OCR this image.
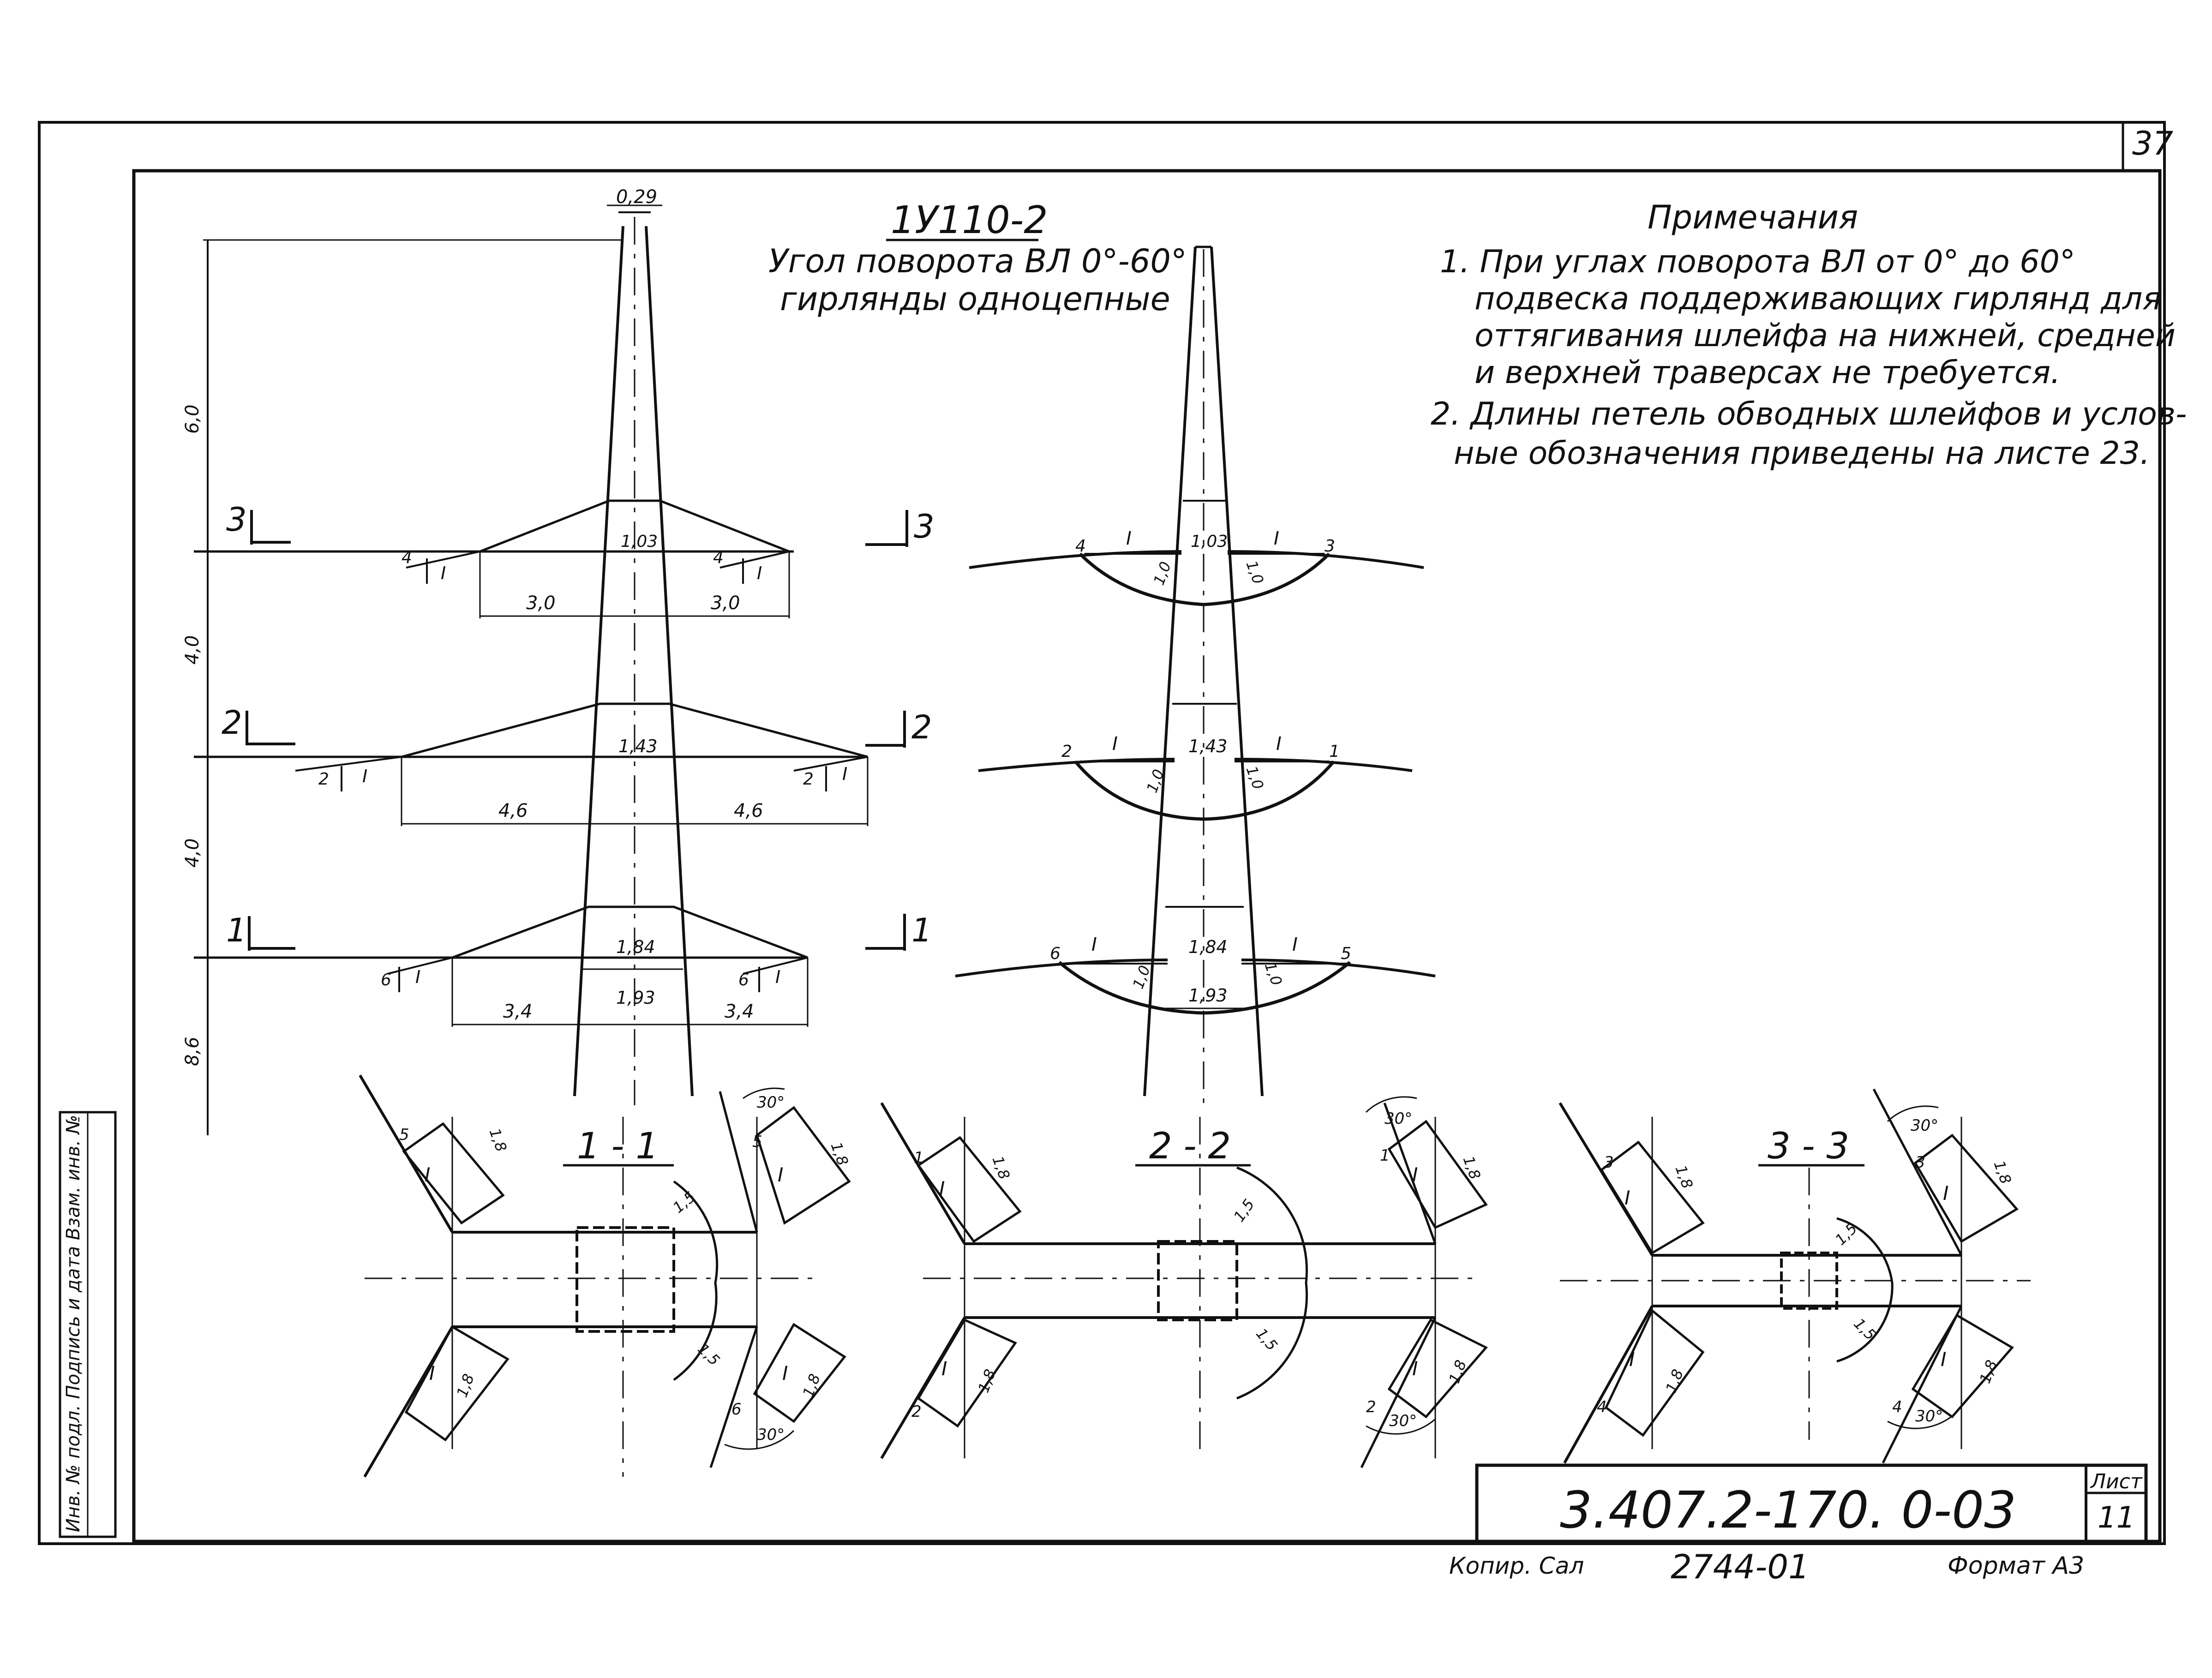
37
Инв. № подл. Подпись и дата Взам. инв. №
1У110-2
Угол поворота ВЛ 0°-60°
гирлянды одноцепные
Примечания
1. При углах поворота ВЛ от 0° до 60°
подвеска поддерживающих гирлянд для
оттягивания шлейфа на нижней, средней
и верхней траверсах не требуется.
2. Длины петель обводных шлейфов и услов-
ные обозначения приведены на листе 23.
0,29
6,0
4,0
4,0
8,6
3
1,03
3,0	3,0
4
I
4
I
2
1,43
4,6	4,6
2 I	2 I
1	1,84
1,93
3,4	3,4
6 I	6 I
3	1,03
4	3
I	I
1,0	1,0
2	1,43
2	1
I	I
1,0	1,0
1	1,84
1,93
6	5
I	I
1,0	1,0
1 - 1
5	5
6
I	I
I	I
1,8	1,8
1,8	1,8
1,5
1,5
30°
30°
2 - 2
1	1
2	2
I
I
I	I
1,8	1,8
1,8	1,8
1,5
1,5
30°
30°
3 - 3
3	3
4	4
I	I
I	I
1,8	1,8
1,8	1,8
1,5
1,5
30°
30°
3.407.2-170. 0-03	Лист
11
Копир. Сал	2744-01	Формат А3
